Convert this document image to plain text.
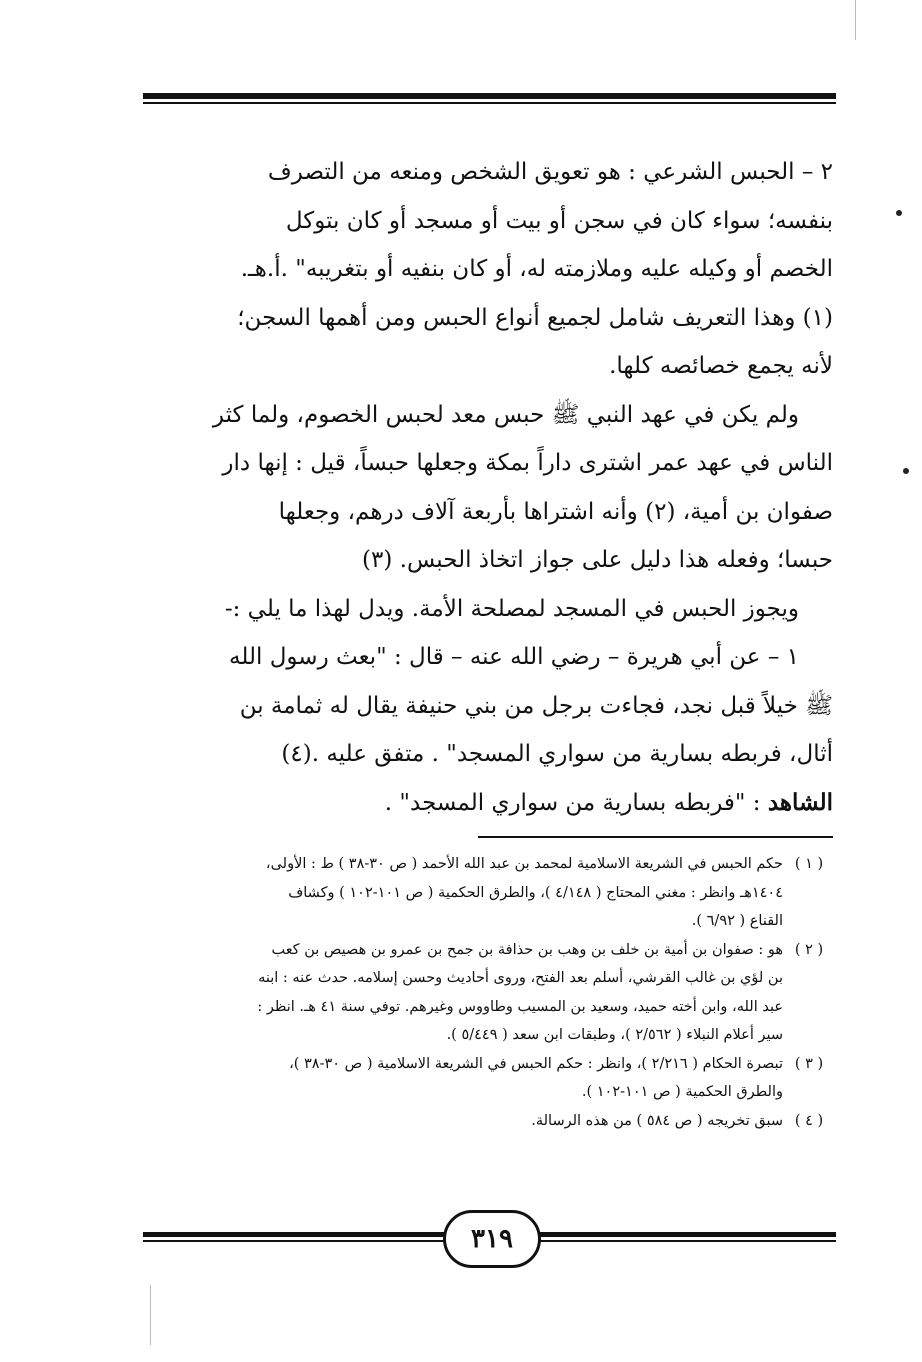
٢ – الحبس الشرعي : هو تعويق الشخص ومنعه من التصرف
بنفسه؛ سواء كان في سجن أو بيت أو مسجد أو كان بتوكل
الخصم أو وكيله عليه وملازمته له، أو كان بنفيه أو بتغريبه" .أ.هـ.
(١) وهذا التعريف شامل لجميع أنواع الحبس ومن أهمها السجن؛
لأنه يجمع خصائصه كلها.
ولم يكن في عهد النبي ﷺ حبس معد لحبس الخصوم، ولما كثر
الناس في عهد عمر اشترى داراً بمكة وجعلها حبساً، قيل : إنها دار
صفوان بن أمية، (٢) وأنه اشتراها بأربعة آلاف درهم، وجعلها
حبسا؛ وفعله هذا دليل على جواز اتخاذ الحبس. (٣)
ويجوز الحبس في المسجد لمصلحة الأمة. ويدل لهذا ما يلي :-
١ – عن أبي هريرة – رضي الله عنه – قال : "بعث رسول الله
ﷺ خيلاً قبل نجد، فجاءت برجل من بني حنيفة يقال له ثمامة بن
أثال، فربطه بسارية من سواري المسجد" . متفق عليه .(٤)
الشاهد : "فربطه بسارية من سواري المسجد" .
( ١ )
حكم الحبس في الشريعة الاسلامية لمحمد بن عبد الله الأحمد ( ص ٣٠-٣٨ ) ط : الأولى،
١٤٠٤هـ وانظر : مغني المحتاج ( ٤/١٤٨ )، والطرق الحكمية ( ص ١٠١-١٠٢ ) وكشاف
القناع ( ٦/٩٢ ).
( ٢ )
هو : صفوان بن أمية بن خلف بن وهب بن حذافة بن جمح بن عمرو بن هصيص بن كعب
بن لؤي بن غالب القرشي، أسلم بعد الفتح، وروى أحاديث وحسن إسلامه. حدث عنه : ابنه
عبد الله، وابن أخته حميد، وسعيد بن المسيب وطاووس وغيرهم. توفي سنة ٤١ هـ. انظر :
سير أعلام النبلاء ( ٢/٥٦٢ )، وطبقات ابن سعد ( ٥/٤٤٩ ).
( ٣ )
تبصرة الحكام ( ٢/٢١٦ )، وانظر : حكم الحبس في الشريعة الاسلامية ( ص ٣٠-٣٨ )،
والطرق الحكمية ( ص ١٠١-١٠٢ ).
( ٤ )
سبق تخريجه ( ص ٥٨٤ ) من هذه الرسالة.
٣١٩
